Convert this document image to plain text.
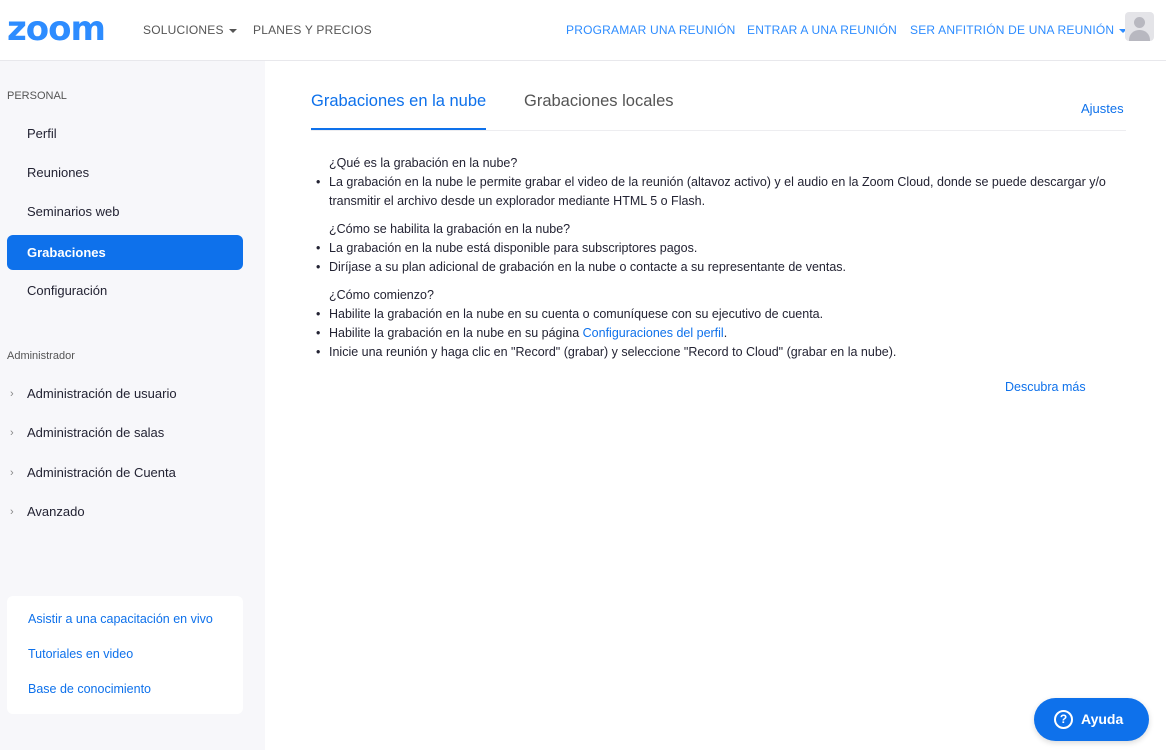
zoom	SOLUCIONES	PLANES Y PRECIOS	PROGRAMAR UNA REUNIÓN ENTRAR A UNA REUNIÓN SER ANFITRIÓN DE UNA REUNIÓN
PERSONAL
Perfil
Reuniones
Seminarios web
Grabaciones
Configuración
Administrador
› Administración de usuario
› Administración de salas
› Administración de Cuenta
› Avanzado
Asistir a una capacitación en vivo
Tutoriales en video
Base de conocimiento
Grabaciones en la nube Grabaciones locales	Ajustes
¿Qué es la grabación en la nube?
• La grabación en la nube le permite grabar el video de la reunión (altavoz activo) y el audio en la Zoom Cloud, donde se puede descargar y/o transmitir el archivo desde un explorador mediante HTML 5 o Flash.
¿Cómo se habilita la grabación en la nube?
• La grabación en la nube está disponible para subscriptores pagos.
• Diríjase a su plan adicional de grabación en la nube o contacte a su representante de ventas.
¿Cómo comienzo?
• Habilite la grabación en la nube en su cuenta o comuníquese con su ejecutivo de cuenta.
• Habilite la grabación en la nube en su página Configuraciones del perfil.
• Inicie una reunión y haga clic en "Record" (grabar) y seleccione "Record to Cloud" (grabar en la nube).
Descubra más
? Ayuda
